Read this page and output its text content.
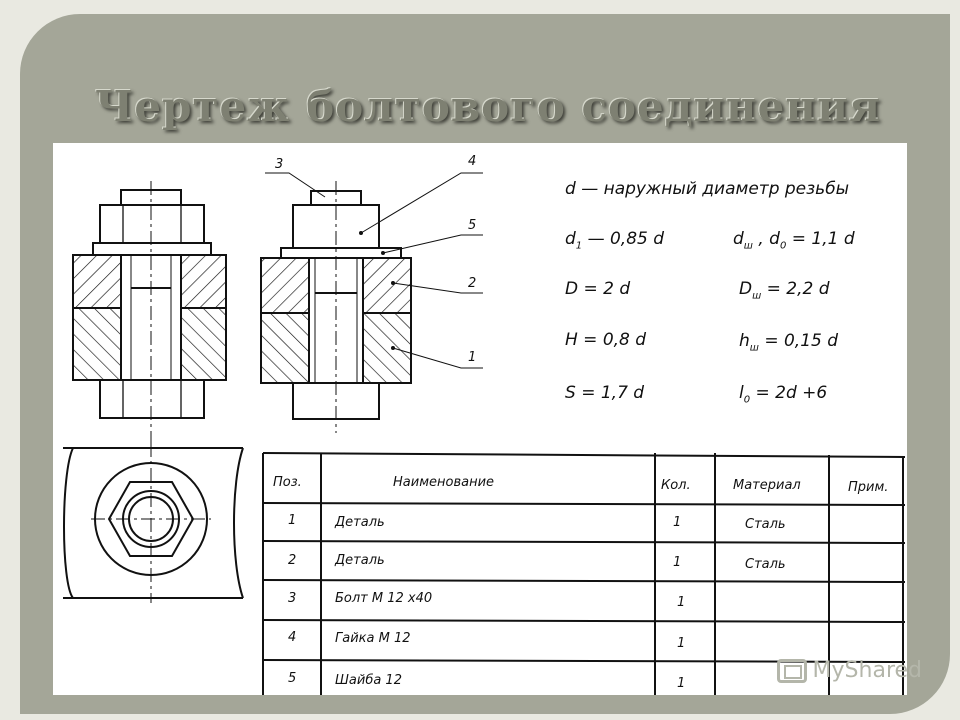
Чертеж болтового соединения
3	4
5
2
1
d — наружный диаметр резьбы
$d_1$ — 0,85 d	$d_ш$ , $d_0 = 1,1$ d
D = 2 d	$D_ш = 2,2$ d
H = 0,8 d	$h_ш = 0,15$ d
S = 1,7 d	$l_0 = 2d +6$
Поз.	Наименование	Кол.	Материал	Прим.
1	Деталь	1	Сталь
2	Деталь	1	Сталь
3	Болт М 12 х40	1
4	Гайка М 12	1
5	Шайба 12	1
MyShared
